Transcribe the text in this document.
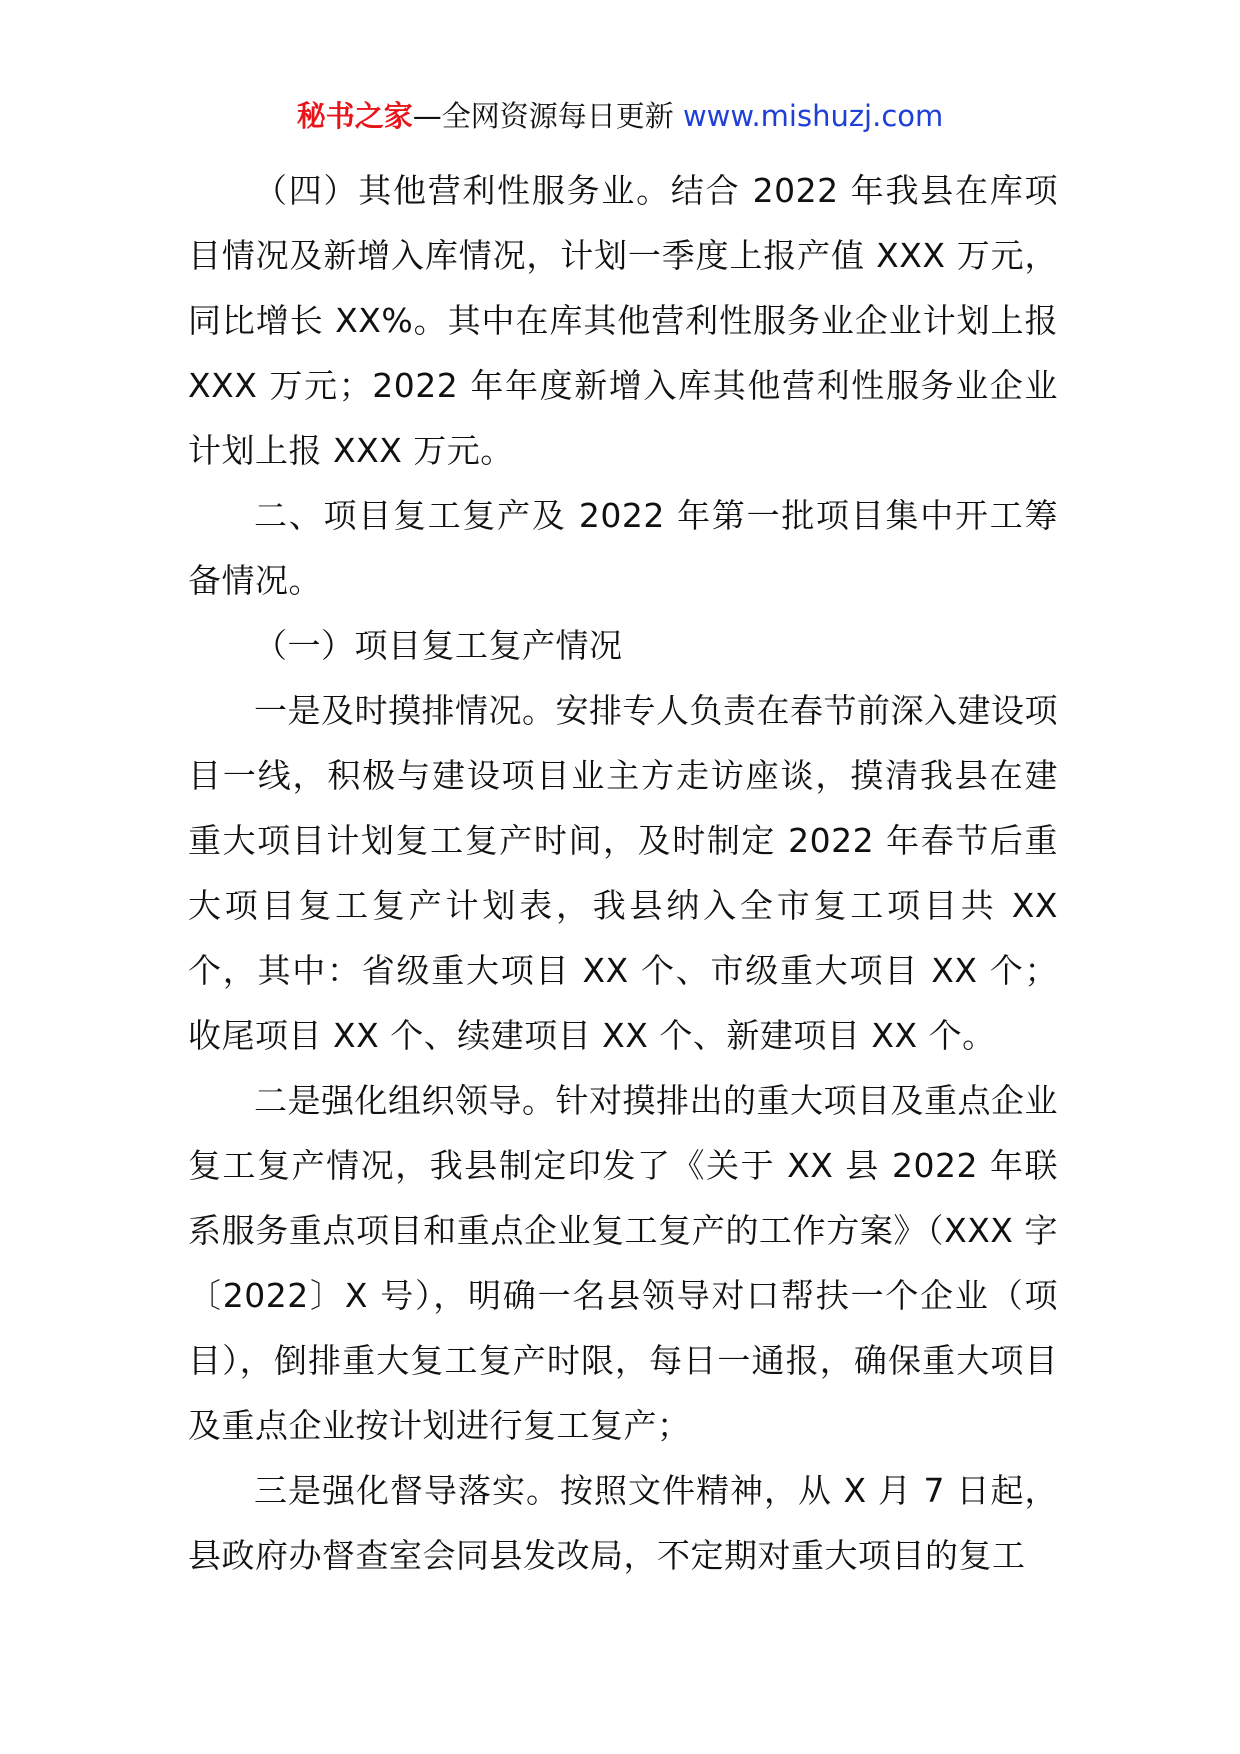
秘书之家—全网资源每日更新 www.mishuzj.com

（四）其他营利性服务业。结合 2022 年我县在库项目情况及新增入库情况，计划一季度上报产值 XXX 万元，同比增长 XX%。其中在库其他营利性服务业企业计划上报 XXX 万元；2022 年年度新增入库其他营利性服务业企业计划上报 XXX 万元。

二、项目复工复产及 2022 年第一批项目集中开工筹备情况。

（一）项目复工复产情况

一是及时摸排情况。安排专人负责在春节前深入建设项目一线，积极与建设项目业主方走访座谈，摸清我县在建重大项目计划复工复产时间，及时制定 2022 年春节后重大项目复工复产计划表，我县纳入全市复工项目共 XX 个，其中：省级重大项目 XX 个、市级重大项目 XX 个；收尾项目 XX 个、续建项目 XX 个、新建项目 XX 个。

二是强化组织领导。针对摸排出的重大项目及重点企业复工复产情况，我县制定印发了《关于 XX 县 2022 年联系服务重点项目和重点企业复工复产的工作方案》（XXX 字〔2022〕X 号），明确一名县领导对口帮扶一个企业（项目），倒排重大复工复产时限，每日一通报，确保重大项目及重点企业按计划进行复工复产；

三是强化督导落实。按照文件精神，从 X 月 7 日起，县政府办督查室会同县发改局，不定期对重大项目的复工
